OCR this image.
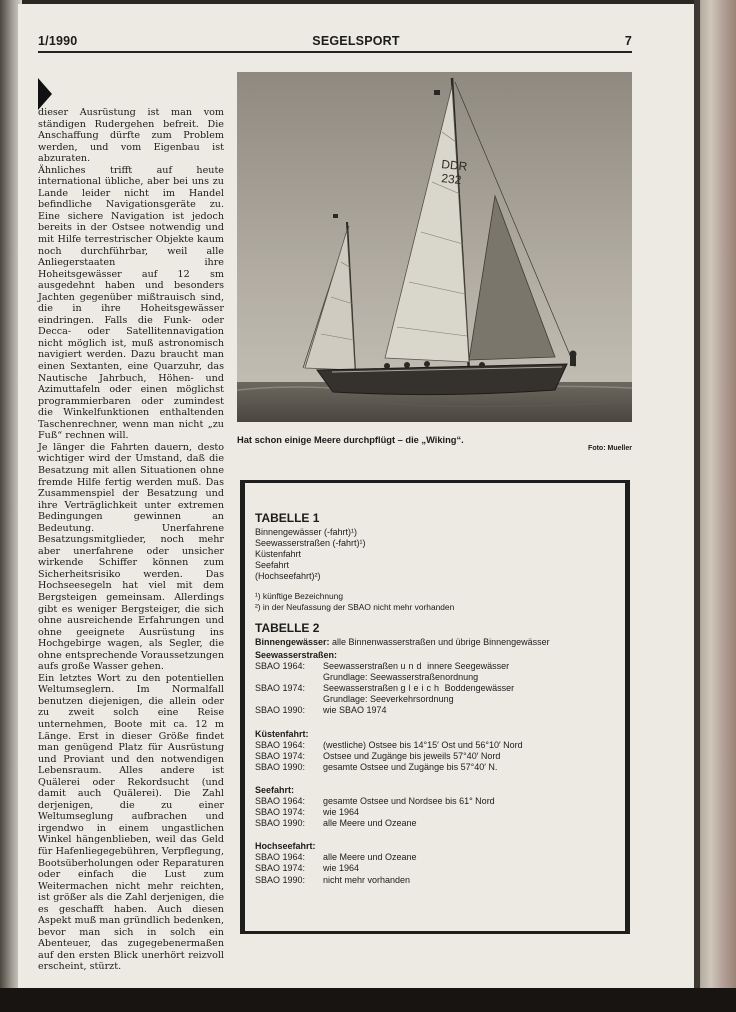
1/1990	SEGELSPORT	7

dieser Ausrüstung ist man vom ständigen Rudergehen befreit. Die Anschaffung dürfte zum Problem werden, und vom Eigenbau ist abzuraten.

Ähnliches trifft auf heute international übliche, aber bei uns zu Lande leider nicht im Handel befindliche Navigationsgeräte zu. Eine sichere Navigation ist jedoch bereits in der Ostsee notwendig und mit Hilfe terrestrischer Objekte kaum noch durchführbar, weil alle Anliegerstaaten ihre Hoheitsgewässer auf 12 sm ausgedehnt haben und besonders Jachten gegenüber mißtrauisch sind, die in ihre Hoheitsgewässer eindringen. Falls die Funk- oder Decca- oder Satellitennavigation nicht möglich ist, muß astronomisch navigiert werden. Dazu braucht man einen Sextanten, eine Quarzuhr, das Nautische Jahrbuch, Höhen- und Azimuttafeln oder einen möglichst programmierbaren oder zumindest die Winkelfunktionen enthaltenden Taschenrechner, wenn man nicht „zu Fuß“ rechnen will.

Je länger die Fahrten dauern, desto wichtiger wird der Umstand, daß die Besatzung mit allen Situationen ohne fremde Hilfe fertig werden muß. Das Zusammenspiel der Besatzung und ihre Verträglichkeit unter extremen Bedingungen gewinnen an Bedeutung. Unerfahrene Besatzungsmitglieder, noch mehr aber unerfahrene oder unsicher wirkende Schiffer können zum Sicherheitsrisiko werden. Das Hochseesegeln hat viel mit dem Bergsteigen gemeinsam. Allerdings gibt es weniger Bergsteiger, die sich ohne ausreichende Erfahrungen und ohne geeignete Ausrüstung ins Hochgebirge wagen, als Segler, die ohne entsprechende Voraussetzungen aufs große Wasser gehen.

Ein letztes Wort zu den potentiellen Weltumseglern. Im Normalfall benutzen diejenigen, die allein oder zu zweit solch eine Reise unternehmen, Boote mit ca. 12 m Länge. Erst in dieser Größe findet man genügend Platz für Ausrüstung und Proviant und den notwendigen Lebensraum. Alles andere ist Quälerei oder Rekordsucht (und damit auch Quälerei). Die Zahl derjenigen, die zu einer Weltumseglung aufbrachen und irgendwo in einem ungastlichen Winkel hängenblieben, weil das Geld für Hafenliegegebühren, Verpflegung, Bootsüberholungen oder Reparaturen oder einfach die Lust zum Weitermachen nicht mehr reichten, ist größer als die Zahl derjenigen, die es geschafft haben. Auch diesen Aspekt muß man gründlich bedenken, bevor man sich in solch ein Abenteuer, das zugegebenermaßen auf den ersten Blick unerhört reizvoll erscheint, stürzt.

DDR
232
Hat schon einige Meere durchpflügt – die „Wiking“.
Foto: Mueller
TABELLE 1
Binnengewässer (-fahrt)¹)
Seewasserstraßen (-fahrt)¹)
Küstenfahrt
Seefahrt
(Hochseefahrt)²)
¹) künftige Bezeichnung
²) in der Neufassung der SBAO nicht mehr vorhanden
TABELLE 2
Binnengewässer: alle Binnenwasserstraßen und übrige Binnengewässer
Seewasserstraßen:
SBAO 1964:	Seewasserstraßen und innere Seegewässer
Grundlage: Seewasserstraßenordnung
SBAO 1974:	Seewasserstraßen gleich Boddengewässer
Grundlage: Seeverkehrsordnung
SBAO 1990:	wie SBAO 1974
Küstenfahrt:
SBAO 1964:	(westliche) Ostsee bis 14°15′ Ost und 56°10′ Nord
SBAO 1974:	Ostsee und Zugänge bis jeweils 57°40′ Nord
SBAO 1990:	gesamte Ostsee und Zugänge bis 57°40′ N.
Seefahrt:
SBAO 1964:	gesamte Ostsee und Nordsee bis 61° Nord
SBAO 1974:	wie 1964
SBAO 1990:	alle Meere und Ozeane
Hochseefahrt:
SBAO 1964:	alle Meere und Ozeane
SBAO 1974:	wie 1964
SBAO 1990:	nicht mehr vorhanden
